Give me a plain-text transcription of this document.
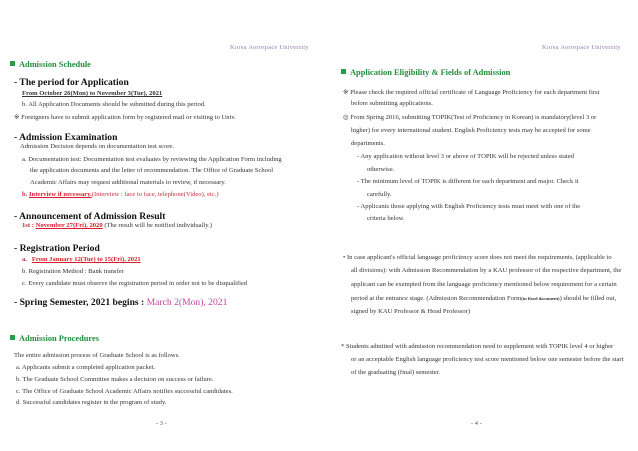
Korea Aerospace University
Admission Schedule
- The period for Application
From October 26(Mon) to November 3(Tue), 2021
b. All Application Documents should be submitted during this period.
※ Foreigners have to submit application form by registered mail or visiting to Univ.
- Admission Examination
Admission Decision depends on documentation test score.
a. Documentation test: Documentation test evaluates by reviewing the Application Form including
the application documents and the letter of recommendation. The Office of Graduate School
Academic Affairs may request additional materials to review, if necessary.
b. Interview if necessary.(Interview : face to face, telephone(Video), etc.)
- Announcement of Admission Result
1st : November 27(Fri), 2020 (The result will be notified individually.)
- Registration Period
a. From January 12(Tue) to 15(Fri), 2021
b. Registration Method : Bank transfer
c. Every candidate must observe the registration period in order not to be disqualified
- Spring Semester, 2021 begins : March 2(Mon), 2021
Admission Procedures
The entire admission process of Graduate School is as follows.
a. Applicants submit a completed application packet.
b. The Graduate School Committee makes a decision on success or failure.
c. The Office of Graduate School Academic Affairs notifies successful candidates.
d. Successful candidates register in the program of study.
- 3 -
Korea Aerospace University
Application Eligibility & Fields of Admission
※ Please check the required official certificate of Language Proficiency for each department first
before submitting applications.
◎ From Spring 2016, submitting TOPIK(Test of Proficiency in Korean) is mandatory(level 3 or
higher) for every international student. English Proficiency tests may be accepted for some
departments.
- Any application without level 3 or above of TOPIK will be rejected unless stated
otherwise.
- The minimum level of TOPIK is different for each department and major. Check it
carefully.
- Applicants those applying with English Proficiency tests must meet with one of the
criteria below.
• In case applicant's official language proficiency score does not meet the requirements, (applicable to
all divisions): with Admission Recommendation by a KAU professor of the respective department, the
applicant can be exempted from the language proficiency mentioned below requirement for a certain
period at the entrance stage. (Admission Recommendation Form(in fixed document)) should be filled out,
signed by KAU Professor & Head Professor)
* Students admitted with admission recommendation need to supplement with TOPIK level 4 or higher
or an acceptable English language proficiency test score mentioned below one semester before the start
of the graduating (final) semester.
- 4 -
